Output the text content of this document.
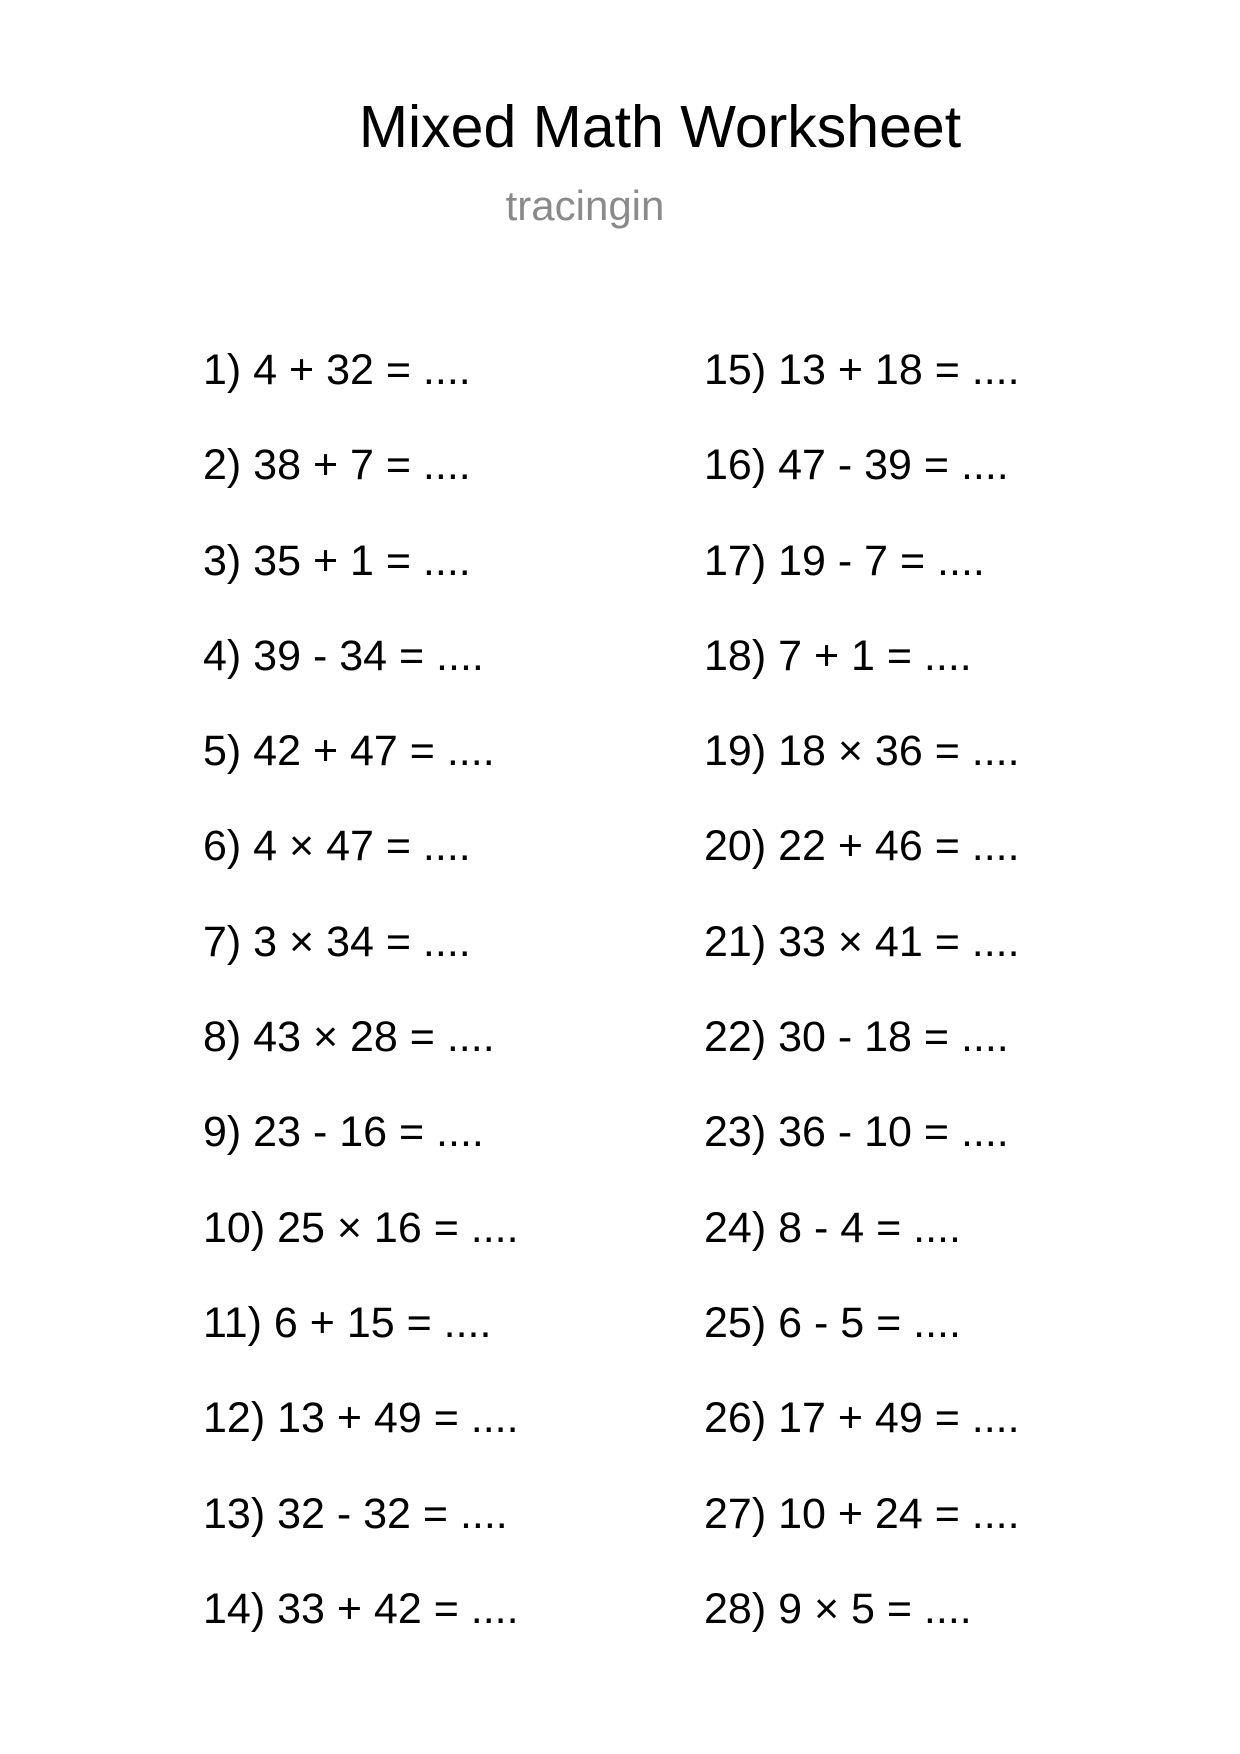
Mixed Math Worksheet
tracingin
1) 4 + 32 = ....
2) 38 + 7 = ....
3) 35 + 1 = ....
4) 39 - 34 = ....
5) 42 + 47 = ....
6) 4 × 47 = ....
7) 3 × 34 = ....
8) 43 × 28 = ....
9) 23 - 16 = ....
10) 25 × 16 = ....
11) 6 + 15 = ....
12) 13 + 49 = ....
13) 32 - 32 = ....
14) 33 + 42 = ....
15) 13 + 18 = ....
16) 47 - 39 = ....
17) 19 - 7 = ....
18) 7 + 1 = ....
19) 18 × 36 = ....
20) 22 + 46 = ....
21) 33 × 41 = ....
22) 30 - 18 = ....
23) 36 - 10 = ....
24) 8 - 4 = ....
25) 6 - 5 = ....
26) 17 + 49 = ....
27) 10 + 24 = ....
28) 9 × 5 = ....
